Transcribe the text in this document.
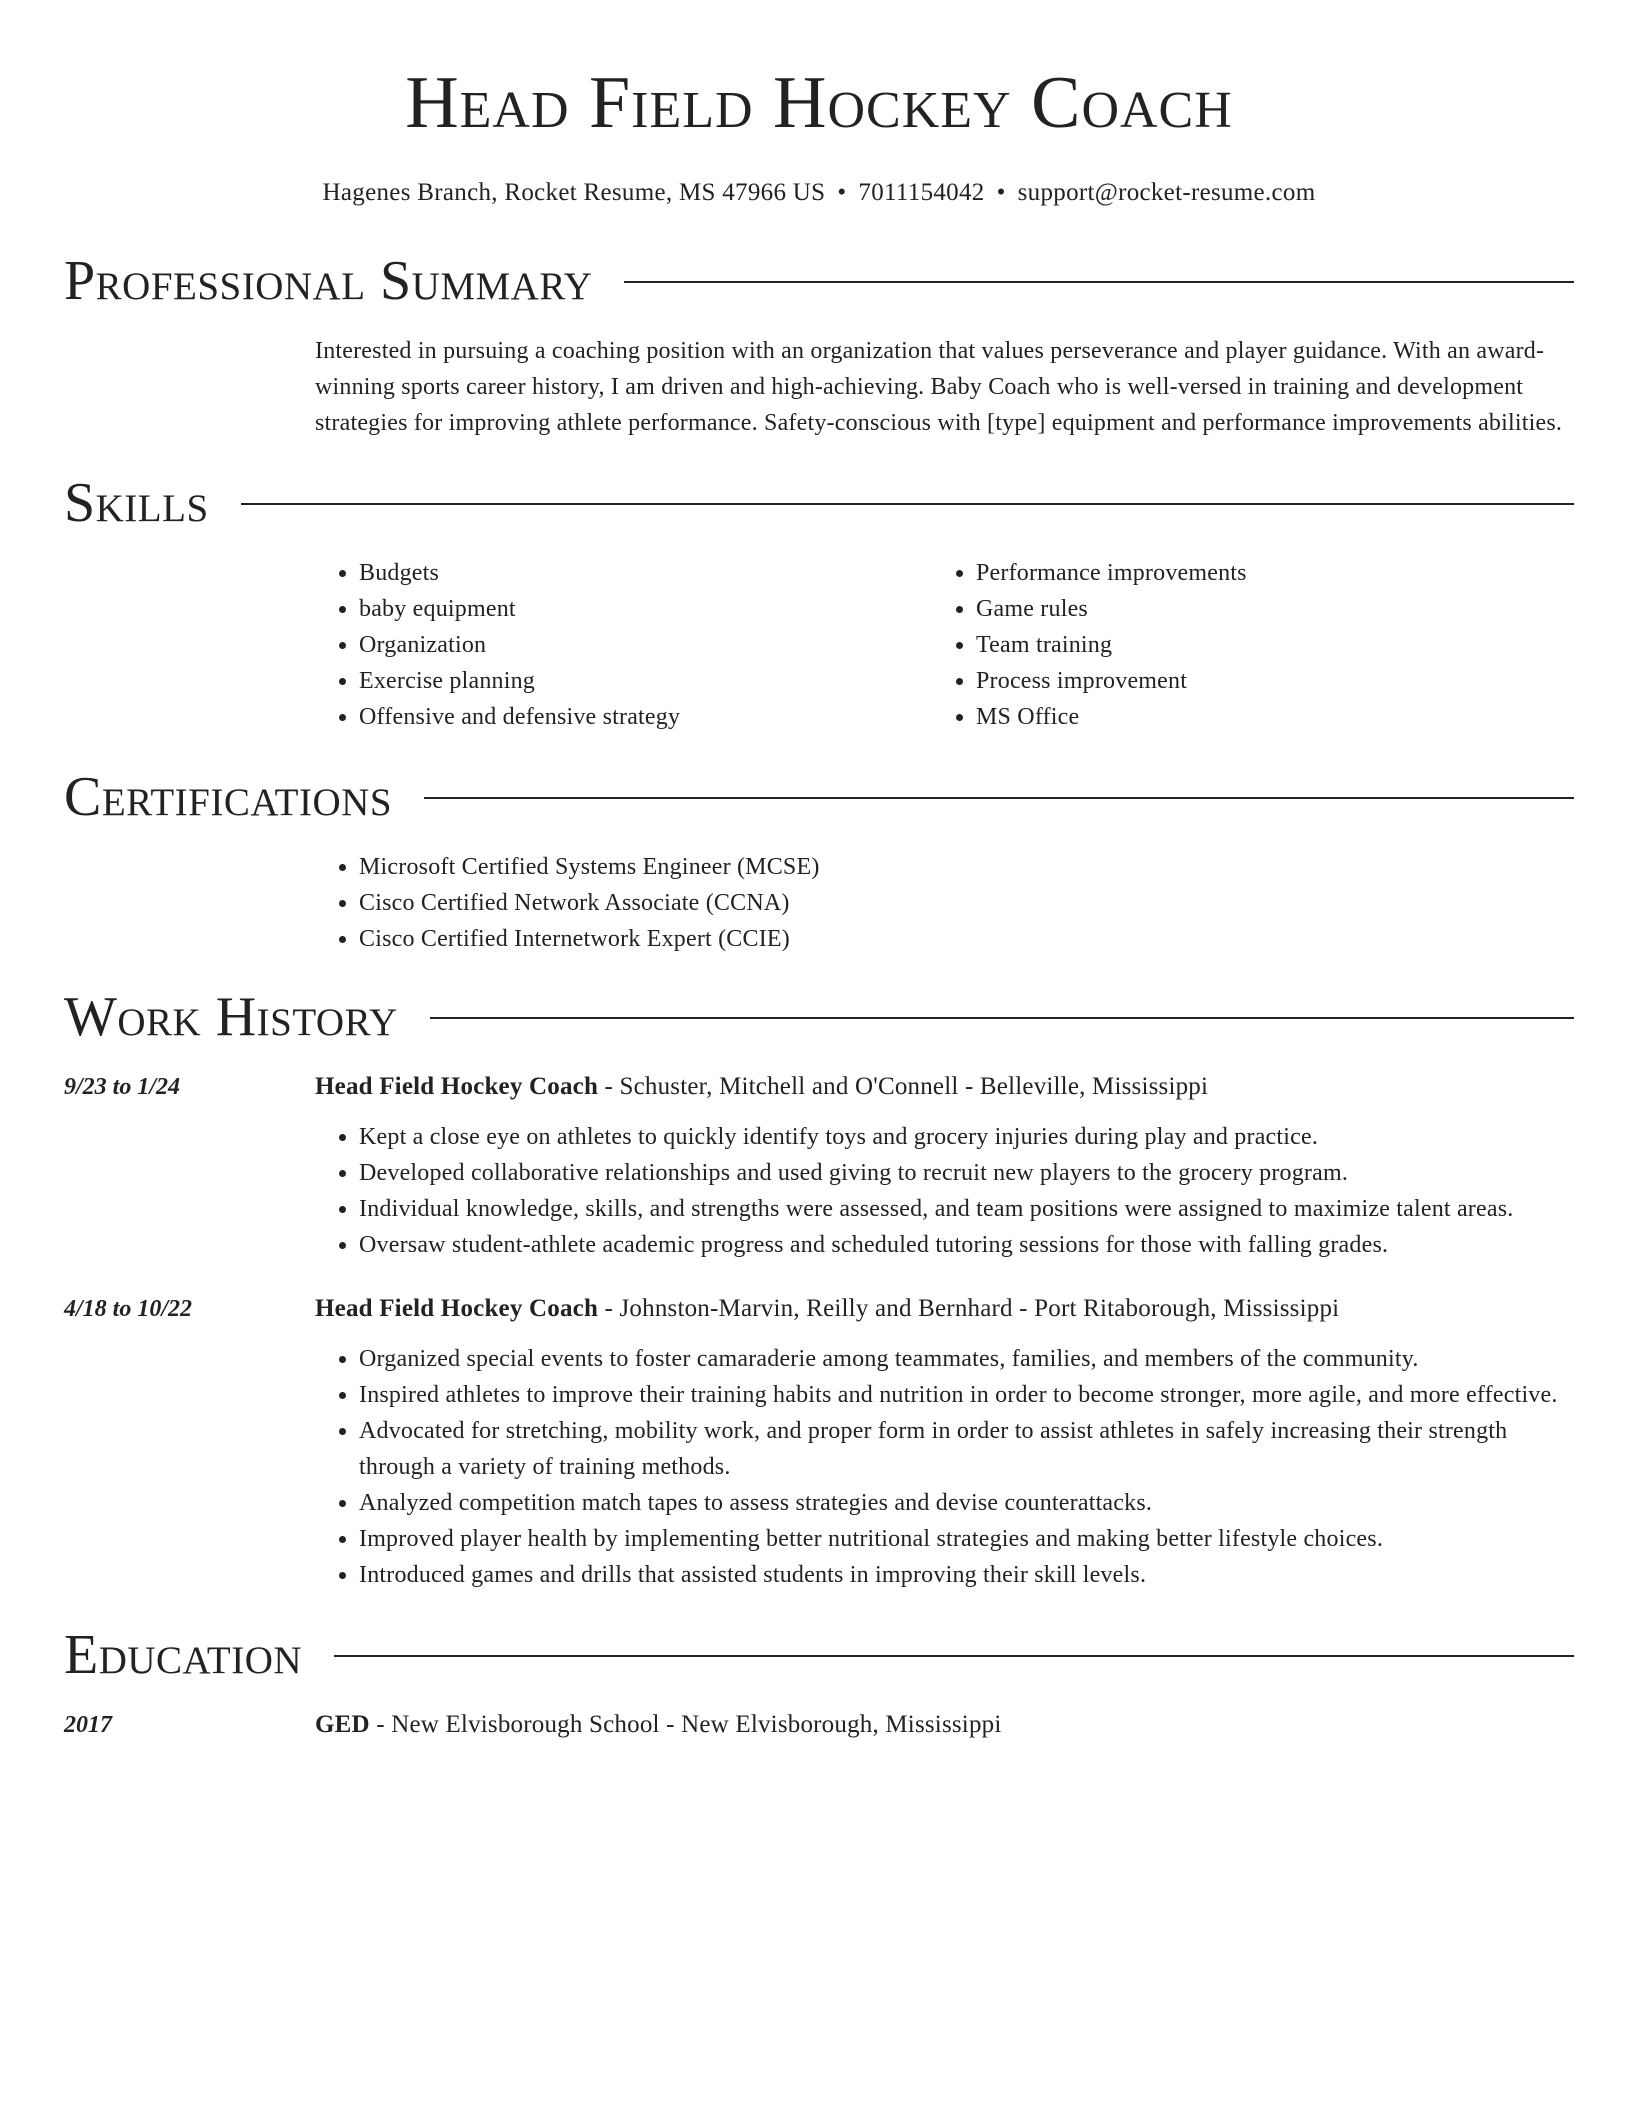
Head Field Hockey Coach
Hagenes Branch, Rocket Resume, MS 47966 US • 7011154042 • support@rocket-resume.com
Professional Summary
Interested in pursuing a coaching position with an organization that values perseverance and player guidance. With an award-winning sports career history, I am driven and high-achieving. Baby Coach who is well-versed in training and development strategies for improving athlete performance. Safety-conscious with [type] equipment and performance improvements abilities.
Skills
• Budgets
• baby equipment
• Organization
• Exercise planning
• Offensive and defensive strategy
• Performance improvements
• Game rules
• Team training
• Process improvement
• MS Office
Certifications
• Microsoft Certified Systems Engineer (MCSE)
• Cisco Certified Network Associate (CCNA)
• Cisco Certified Internetwork Expert (CCIE)
Work History
9/23 to 1/24	Head Field Hockey Coach - Schuster, Mitchell and O'Connell - Belleville, Mississippi
• Kept a close eye on athletes to quickly identify toys and grocery injuries during play and practice.
• Developed collaborative relationships and used giving to recruit new players to the grocery program.
• Individual knowledge, skills, and strengths were assessed, and team positions were assigned to maximize talent areas.
• Oversaw student-athlete academic progress and scheduled tutoring sessions for those with falling grades.
4/18 to 10/22	Head Field Hockey Coach - Johnston-Marvin, Reilly and Bernhard - Port Ritaborough, Mississippi
• Organized special events to foster camaraderie among teammates, families, and members of the community.
• Inspired athletes to improve their training habits and nutrition in order to become stronger, more agile, and more effective.
• Advocated for stretching, mobility work, and proper form in order to assist athletes in safely increasing their strength through a variety of training methods.
• Analyzed competition match tapes to assess strategies and devise counterattacks.
• Improved player health by implementing better nutritional strategies and making better lifestyle choices.
• Introduced games and drills that assisted students in improving their skill levels.
Education
2017	GED - New Elvisborough School - New Elvisborough, Mississippi
